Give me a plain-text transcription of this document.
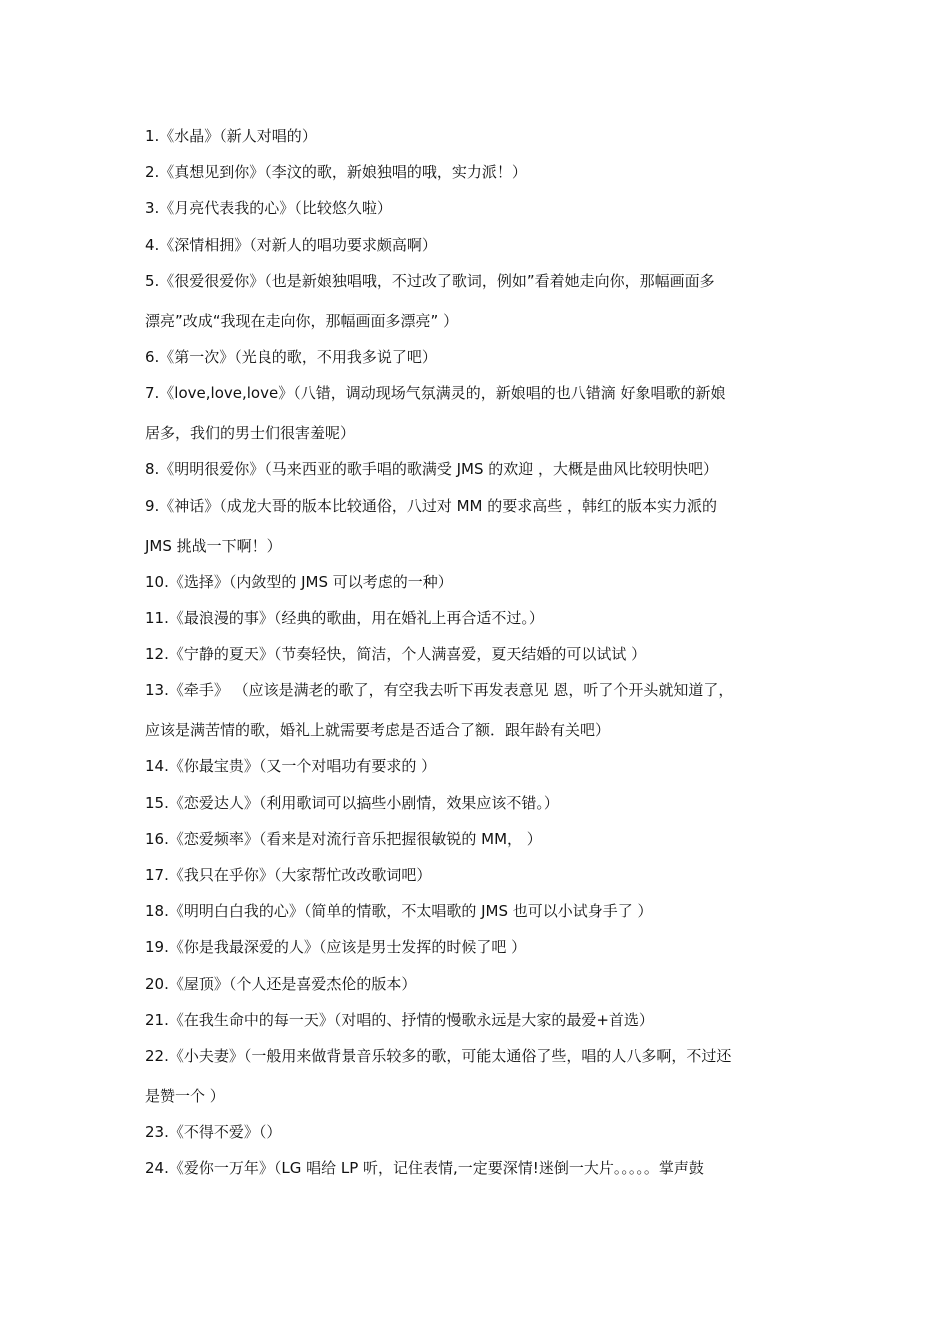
1.《水晶》（新人对唱的）
2.《真想见到你》（李汶的歌，新娘独唱的哦，实力派！）
3.《月亮代表我的心》（比较悠久啦）
4.《深情相拥》（对新人的唱功要求颇高啊）
5.《很爱很爱你》（也是新娘独唱哦，不过改了歌词，例如”看着她走向你，那幅画面多
漂亮”改成“我现在走向你，那幅画面多漂亮” ）
6.《第一次》（光良的歌，不用我多说了吧）
7.《love,love,love》（八错，调动现场气氛满灵的，新娘唱的也八错滴 好象唱歌的新娘
居多，我们的男士们很害羞呢）
8.《明明很爱你》（马来西亚的歌手唱的歌满受 JMS 的欢迎 ，大概是曲风比较明快吧）
9.《神话》（成龙大哥的版本比较通俗，八过对 MM 的要求高些 ，韩红的版本实力派的
JMS 挑战一下啊！）
10.《选择》（内敛型的 JMS 可以考虑的一种）
11.《最浪漫的事》（经典的歌曲，用在婚礼上再合适不过。）
12.《宁静的夏天》（节奏轻快，简洁，个人满喜爱，夏天结婚的可以试试 ）
13.《牵手》 （应该是满老的歌了，有空我去听下再发表意见 恩，听了个开头就知道了，
应该是满苦情的歌，婚礼上就需要考虑是否适合了额．跟年龄有关吧）
14.《你最宝贵》（又一个对唱功有要求的 ）
15.《恋爱达人》（利用歌词可以搞些小剧情，效果应该不错。）
16.《恋爱频率》（看来是对流行音乐把握很敏锐的 MM， ）
17.《我只在乎你》（大家帮忙改改歌词吧）
18.《明明白白我的心》（简单的情歌，不太唱歌的 JMS 也可以小试身手了 ）
19.《你是我最深爱的人》（应该是男士发挥的时候了吧 ）
20.《屋顶》（个人还是喜爱杰伦的版本）
21.《在我生命中的每一天》（对唱的、抒情的慢歌永远是大家的最爱+首选）
22.《小夫妻》（一般用来做背景音乐较多的歌，可能太通俗了些，唱的人八多啊，不过还
是赞一个 ）
23.《不得不爱》（）
24.《爱你一万年》（LG 唱给 LP 听，记住表情,一定要深情!迷倒一大片。。。。。掌声鼓
